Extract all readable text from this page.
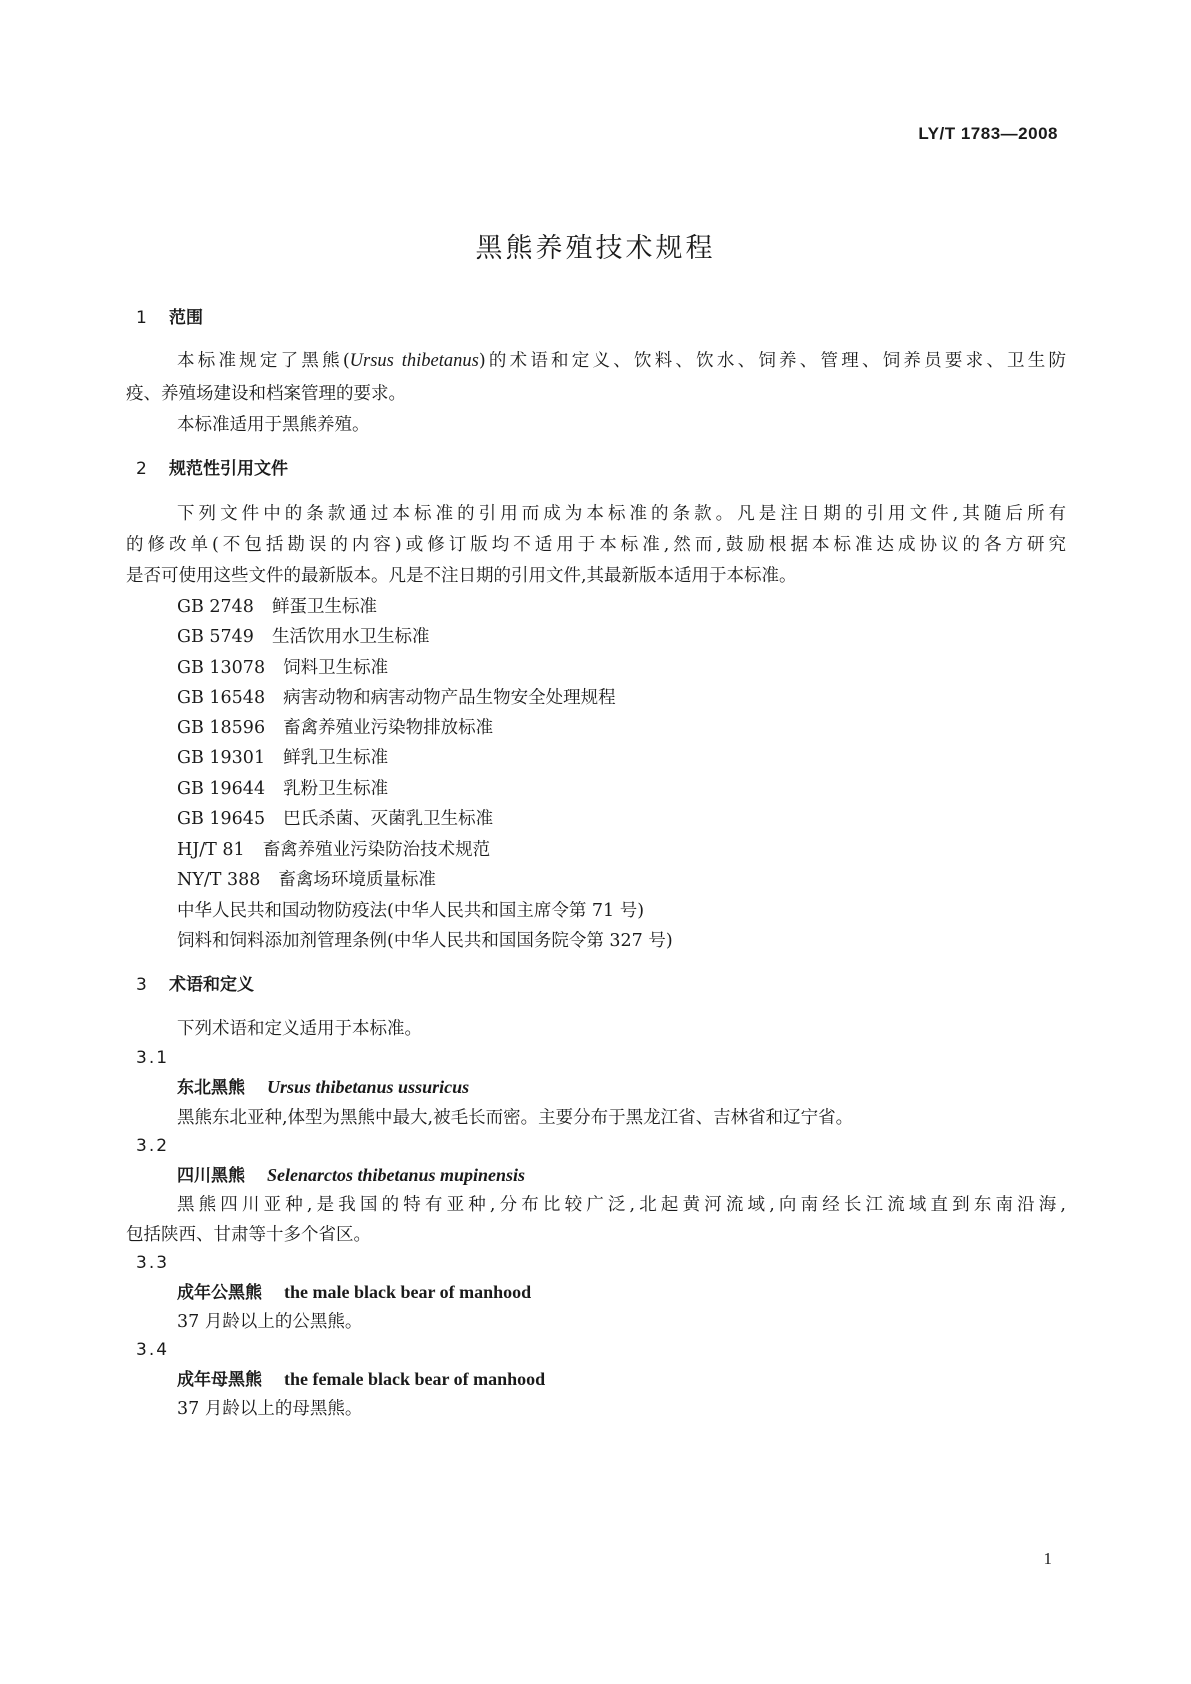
LY/T 1783—2008
黑熊养殖技术规程
1 范围
本标准规定了黑熊(Ursus thibetanus)的术语和定义、饮料、饮水、饲养、管理、饲养员要求、卫生防
疫、养殖场建设和档案管理的要求。
本标准适用于黑熊养殖。
2 规范性引用文件
下列文件中的条款通过本标准的引用而成为本标准的条款。凡是注日期的引用文件,其随后所有
的修改单(不包括勘误的内容)或修订版均不适用于本标准,然而,鼓励根据本标准达成协议的各方研究
是否可使用这些文件的最新版本。凡是不注日期的引用文件,其最新版本适用于本标准。
GB 2748 鲜蛋卫生标准
GB 5749 生活饮用水卫生标准
GB 13078 饲料卫生标准
GB 16548 病害动物和病害动物产品生物安全处理规程
GB 18596 畜禽养殖业污染物排放标准
GB 19301 鲜乳卫生标准
GB 19644 乳粉卫生标准
GB 19645 巴氏杀菌、灭菌乳卫生标准
HJ/T 81 畜禽养殖业污染防治技术规范
NY/T 388 畜禽场环境质量标准
中华人民共和国动物防疫法(中华人民共和国主席令第 71 号)
饲料和饲料添加剂管理条例(中华人民共和国国务院令第 327 号)
3 术语和定义
下列术语和定义适用于本标准。
3.1
东北黑熊 Ursus thibetanus ussuricus
黑熊东北亚种,体型为黑熊中最大,被毛长而密。主要分布于黑龙江省、吉林省和辽宁省。
3.2
四川黑熊 Selenarctos thibetanus mupinensis
黑熊四川亚种,是我国的特有亚种,分布比较广泛,北起黄河流域,向南经长江流域直到东南沿海,
包括陕西、甘肃等十多个省区。
3.3
成年公黑熊 the male black bear of manhood
37 月龄以上的公黑熊。
3.4
成年母黑熊 the female black bear of manhood
37 月龄以上的母黑熊。
1
